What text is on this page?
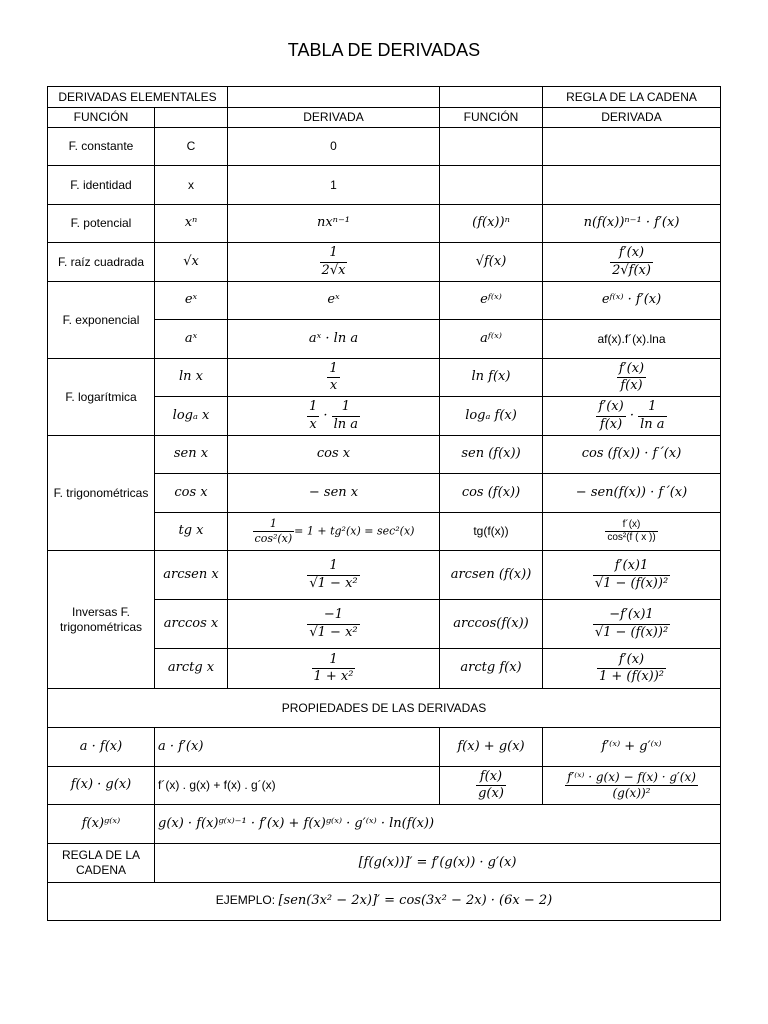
TABLA DE DERIVADAS
DERIVADAS ELEMENTALES				REGLA DE LA CADENA
FUNCIÓN		DERIVADA	FUNCIÓN	DERIVADA
F. constante	C	0		
F. identidad	x	1		
F. potencial	xⁿ	nxⁿ⁻¹	(f(x))ⁿ	n(f(x))ⁿ⁻¹ · f′(x)
F. raíz cuadrada	√x	$\frac{1}{2√x}$	√f(x)	$\frac{f'(x)}{2√f(x)}$

F. exponencial	eˣ	eˣ	eᶠ⁽ˣ⁾	eᶠ⁽ˣ⁾ · f′(x)
	aˣ	aˣ · ln a	aᶠ⁽ˣ⁾	af(x).f´(x).lna
F. logarítmica	ln x	$\frac{1}{x}$	ln f(x)	$\frac{f'(x)}{f(x)}$

	logₐ x	$\frac{1}{x} \cdot \frac{1}{\text{ln a}}$	logₐ f(x)	$\frac{f'(x)}{f(x)} \cdot \frac{1}{\text{ln a}}$

F. trigonométricas	sen x	cos x	sen (f(x))	cos (f(x)) · f´(x)
	cos x	− sen x	cos (f(x))	− sen(f(x)) · f´(x)
	tg x	$\frac{1}{\text{cos²(x)}} = 1 + tg^2(x) = \sec^2(x)$	tg(f(x))	$\frac{f´(x)}{\text{cos²(f ( x ))}}$

Inversas F. trigonométricas	arcsen x	$\frac{1}{\text{√1 − x²}}$	arcsen (f(x))	$\frac{f'(x)1}{\text{√1 − (f(x))²}}$

	arccos x	$\frac{-1}{\text{√1 − x²}}$	arccos(f(x))	$\frac{-f'(x)1}{\text{√1 − (f(x))²}}$

	arctg x	$\frac{1}{\text{1 + x²}}$	arctg f(x)	$\frac{f'(x)}{\text{1 + (f(x))²}}$

PROPIEDADES DE LAS DERIVADAS				
a · f(x)	a · f′(x)		f(x) + g(x)	f′⁽ˣ⁾ + g′⁽ˣ⁾
f(x) · g(x)	f´(x) . g(x) + f(x) . g´(x)		$\frac{f(x)}{g(x)}$	$\frac{\text{f′⁽ˣ⁾ · g(x) − f(x) · g′(x)}}{\text{(g(x))²}}$

f(x)ᵍ⁽ˣ⁾	g(x) · f(x)ᵍ⁽ˣ⁾⁻¹ · f′(x) + f(x)ᵍ⁽ˣ⁾ · g′⁽ˣ⁾ · ln(f(x))			
REGLA DE LA CADENA	[f(g(x))]′ = f′(g(x)) · g′(x)			
EJEMPLO: [sen(3x² − 2x)]′ = cos(3x² − 2x) · (6x − 2)				
